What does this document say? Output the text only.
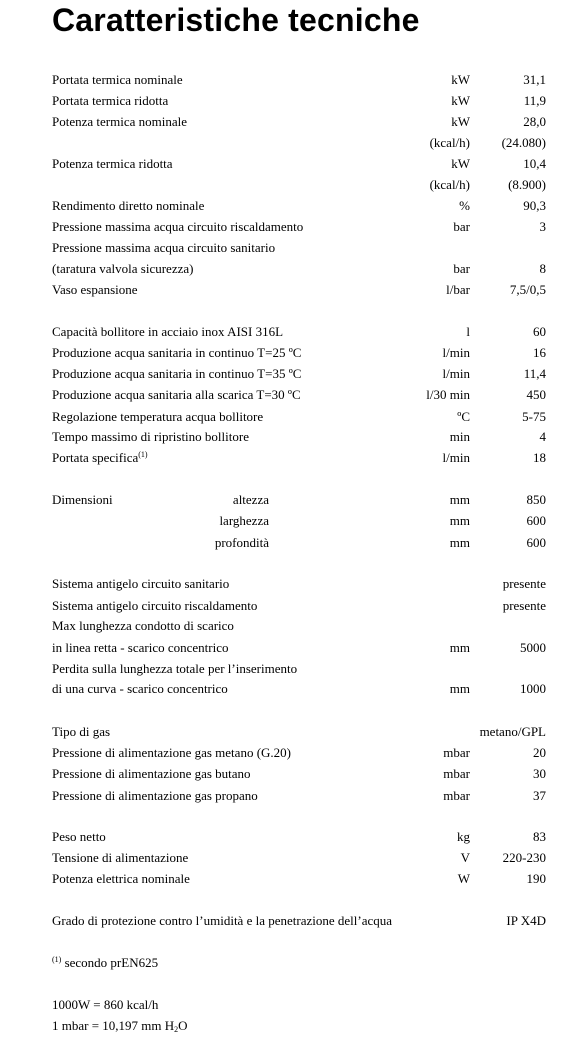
Caratteristiche tecniche
Portata termica nominale	kW	31,1
Portata termica ridotta	kW	11,9
Potenza termica nominale	kW	28,0
(kcal/h) (24.080)
Potenza termica ridotta	kW	10,4
(kcal/h)	(8.900)
Rendimento diretto nominale	%	90,3
Pressione massima acqua circuito riscaldamento	bar	3
Pressione massima acqua circuito sanitario
(taratura valvola sicurezza)	bar	8
Vaso espansione	l/bar	7,5/0,5
Capacità bollitore in acciaio inox AISI 316L	l	60
Produzione acqua sanitaria in continuo T=25 ºC	l/min	16
Produzione acqua sanitaria in continuo T=35 ºC	l/min	11,4
Produzione acqua sanitaria alla scarica T=30 ºC	l/30 min	450
Regolazione temperatura acqua bollitore	ºC	5-75
Tempo massimo di ripristino bollitore	min	4
Portata specifica$^{(1)}$	l/min	18
Dimensioni	altezza	mm	850
larghezza	mm	600
profondità	mm	600
Sistema antigelo circuito sanitario	presente
Sistema antigelo circuito riscaldamento	presente
Max lunghezza condotto di scarico
in linea retta - scarico concentrico	mm	5000
Perdita sulla lunghezza totale per l’inserimento
di una curva - scarico concentrico	mm	1000
Tipo di gas	metano/GPL
Pressione di alimentazione gas metano (G.20)	mbar	20
Pressione di alimentazione gas butano	mbar	30
Pressione di alimentazione gas propano	mbar	37
Peso netto	kg	83
Tensione di alimentazione	V	220-230
Potenza elettrica nominale	W	190
Grado di protezione contro l’umidità e la penetrazione dell’acqua	IP X4D
$^{(1)}$ secondo prEN625
1000W = 860 kcal/h
1 mbar = 10,197 mm $H_2O$
